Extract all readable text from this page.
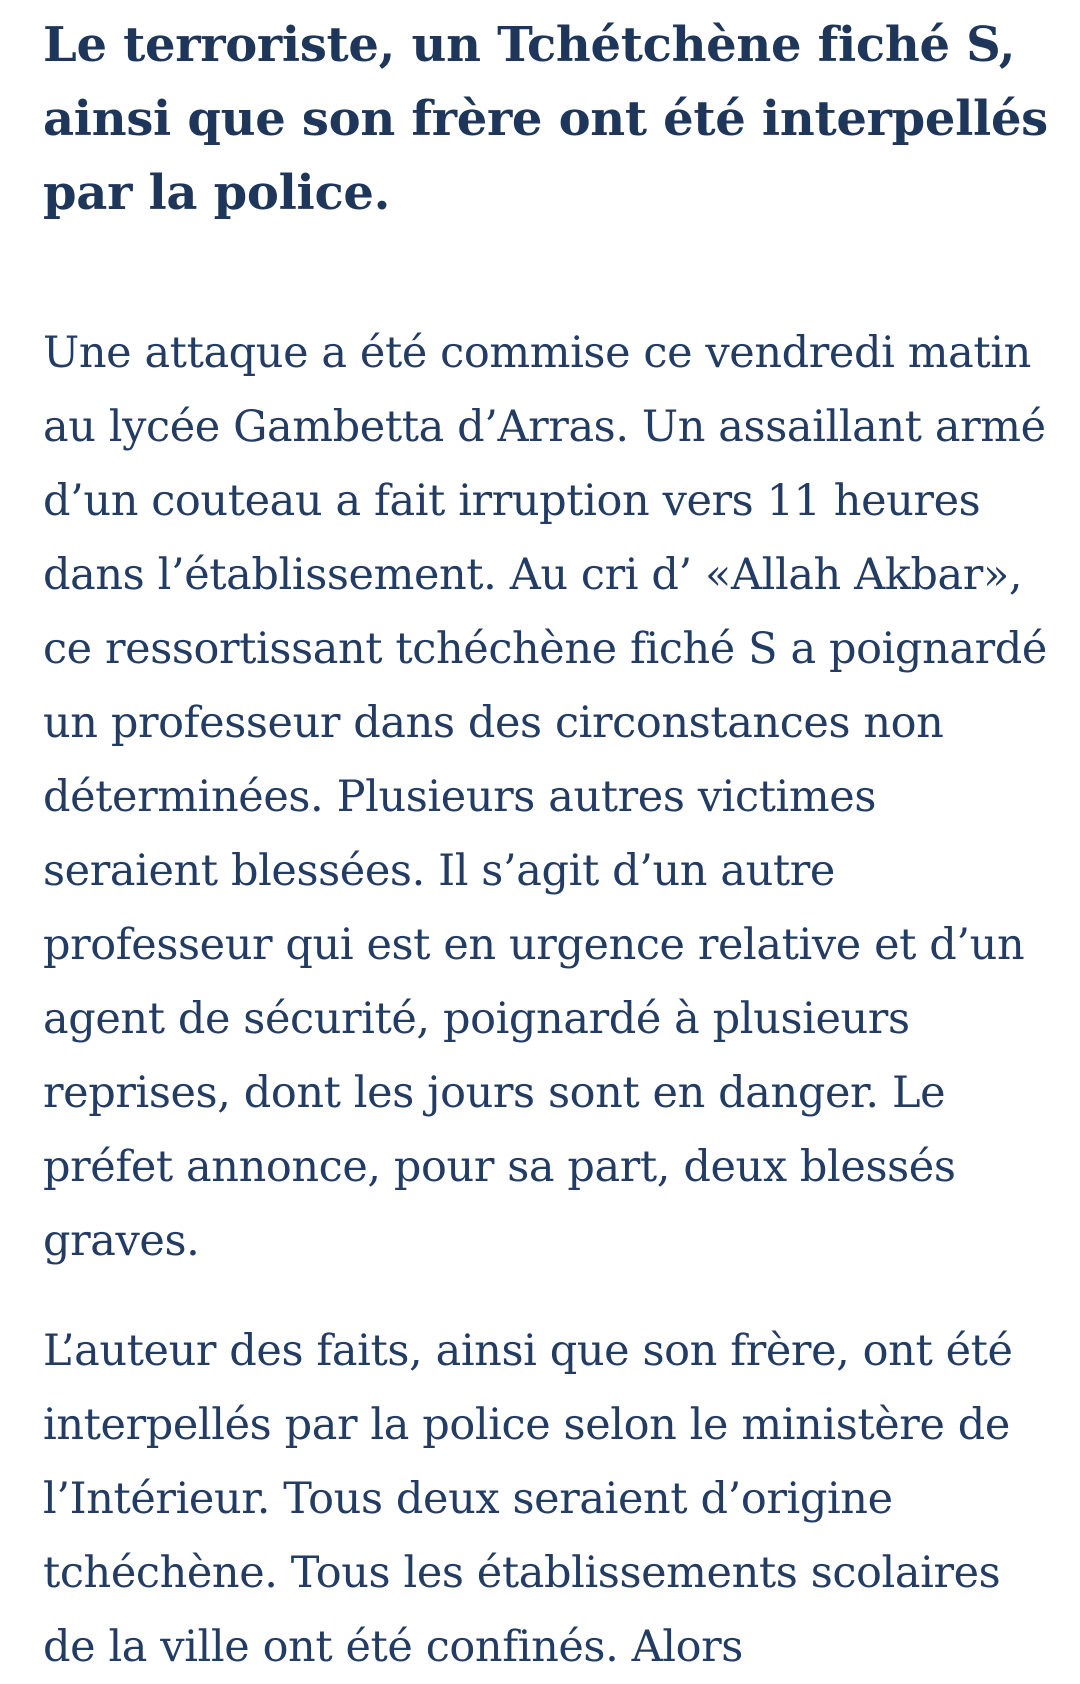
Le terroriste, un Tchétchène fiché S, ainsi que son frère ont été interpellés par la police.

Une attaque a été commise ce vendredi matin au lycée Gambetta d’Arras. Un assaillant armé d’un couteau a fait irruption vers 11 heures dans l’établissement. Au cri d’ «Allah Akbar», ce ressortissant tchéchène fiché S a poignardé un professeur dans des circonstances non déterminées. Plusieurs autres victimes seraient blessées. Il s’agit d’un autre professeur qui est en urgence relative et d’un agent de sécurité, poignardé à plusieurs reprises, dont les jours sont en danger. Le préfet annonce, pour sa part, deux blessés graves.

L’auteur des faits, ainsi que son frère, ont été interpellés par la police selon le ministère de l’Intérieur. Tous deux seraient d’origine tchéchène. Tous les établissements scolaires de la ville ont été confinés. Alors
